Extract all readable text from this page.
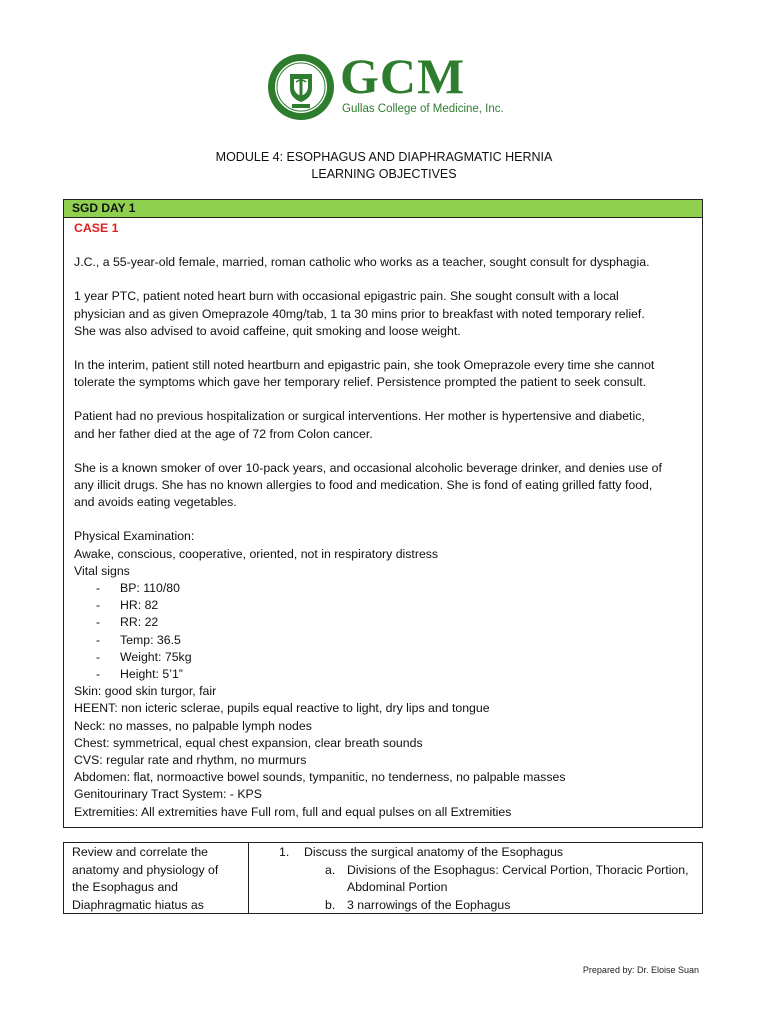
GCM
Gullas College of Medicine, Inc.
MODULE 4: ESOPHAGUS AND DIAPHRAGMATIC HERNIA
LEARNING OBJECTIVES
SGD DAY 1
CASE 1
J.C., a 55-year-old female, married, roman catholic who works as a teacher, sought consult for dysphagia.
1 year PTC, patient noted heart burn with occasional epigastric pain. She sought consult with a local
physician and as given Omeprazole 40mg/tab, 1 ta 30 mins prior to breakfast with noted temporary relief.
She was also advised to avoid caffeine, quit smoking and loose weight.
In the interim, patient still noted heartburn and epigastric pain, she took Omeprazole every time she cannot
tolerate the symptoms which gave her temporary relief. Persistence prompted the patient to seek consult.
Patient had no previous hospitalization or surgical interventions. Her mother is hypertensive and diabetic,
and her father died at the age of 72 from Colon cancer.
She is a known smoker of over 10-pack years, and occasional alcoholic beverage drinker, and denies use of
any illicit drugs. She has no known allergies to food and medication. She is fond of eating grilled fatty food,
and avoids eating vegetables.
Physical Examination:
Awake, conscious, cooperative, oriented, not in respiratory distress
Vital signs
- BP: 110/80
- HR: 82
- RR: 22
- Temp: 36.5
- Weight: 75kg
- Height: 5’1”
Skin: good skin turgor, fair
HEENT: non icteric sclerae, pupils equal reactive to light, dry lips and tongue
Neck: no masses, no palpable lymph nodes
Chest: symmetrical, equal chest expansion, clear breath sounds
CVS: regular rate and rhythm, no murmurs
Abdomen: flat, normoactive bowel sounds, tympanitic, no tenderness, no palpable masses
Genitourinary Tract System: - KPS
Extremities: All extremities have Full rom, full and equal pulses on all Extremities
Review and correlate the
anatomy and physiology of
the Esophagus and
Diaphragmatic hiatus as
1. Discuss the surgical anatomy of the Esophagus
a. Divisions of the Esophagus: Cervical Portion, Thoracic Portion,
Abdominal Portion
b. 3 narrowings of the Eophagus
Prepared by: Dr. Eloise Suan
